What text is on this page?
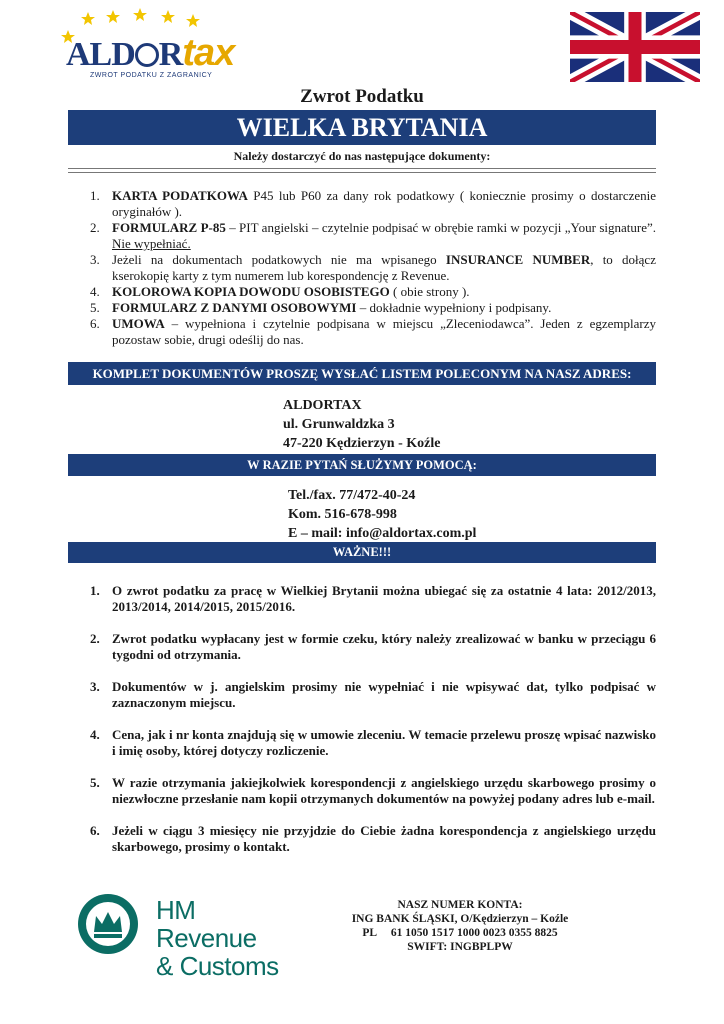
ALD Rtax
ZWROT PODATKU Z ZAGRANICY
Zwrot Podatku
WIELKA BRYTANIA
Należy dostarczyć do nas następujące dokumenty:
1. KARTA PODATKOWA P45 lub P60 za dany rok podatkowy ( koniecznie prosimy o dostarczenie oryginałów ).
2. FORMULARZ P-85 – PIT angielski – czytelnie podpisać w obrębie ramki w pozycji „Your signature”. Nie wypełniać.
3. Jeżeli na dokumentach podatkowych nie ma wpisanego INSURANCE NUMBER, to dołącz kserokopię karty z tym numerem lub korespondencję z Revenue.
4. KOLOROWA KOPIA DOWODU OSOBISTEGO ( obie strony ).
5. FORMULARZ Z DANYMI OSOBOWYMI – dokładnie wypełniony i podpisany.
6. UMOWA – wypełniona i czytelnie podpisana w miejscu „Zleceniodawca”. Jeden z egzemplarzy pozostaw sobie, drugi odeślij do nas.
KOMPLET DOKUMENTÓW PROSZĘ WYSŁAĆ LISTEM POLECONYM NA NASZ ADRES:
ALDORTAX
ul. Grunwaldzka 3
47-220 Kędzierzyn - Koźle
W RAZIE PYTAŃ SŁUŻYMY POMOCĄ:
Tel./fax. 77/472-40-24
Kom. 516-678-998
E – mail: info@aldortax.com.pl
WAŻNE!!!
1. O zwrot podatku za pracę w Wielkiej Brytanii można ubiegać się za ostatnie 4 lata: 2012/2013, 2013/2014, 2014/2015, 2015/2016.
2. Zwrot podatku wypłacany jest w formie czeku, który należy zrealizować w banku w przeciągu 6 tygodni od otrzymania.
3. Dokumentów w j. angielskim prosimy nie wypełniać i nie wpisywać dat, tylko podpisać w zaznaczonym miejscu.
4. Cena, jak i nr konta znajdują się w umowie zleceniu. W temacie przelewu proszę wpisać nazwisko i imię osoby, której dotyczy rozliczenie.
5. W razie otrzymania jakiejkolwiek korespondencji z angielskiego urzędu skarbowego prosimy o niezwłoczne przesłanie nam kopii otrzymanych dokumentów na powyżej podany adres lub e-mail.
6. Jeżeli w ciągu 3 miesięcy nie przyjdzie do Ciebie żadna korespondencja z angielskiego urzędu skarbowego, prosimy o kontakt.
HM Revenue
& Customs
NASZ NUMER KONTA:
ING BANK ŚLĄSKI, O/Kędzierzyn – Koźle
PL     61 1050 1517 1000 0023 0355 8825
SWIFT: INGBPLPW
